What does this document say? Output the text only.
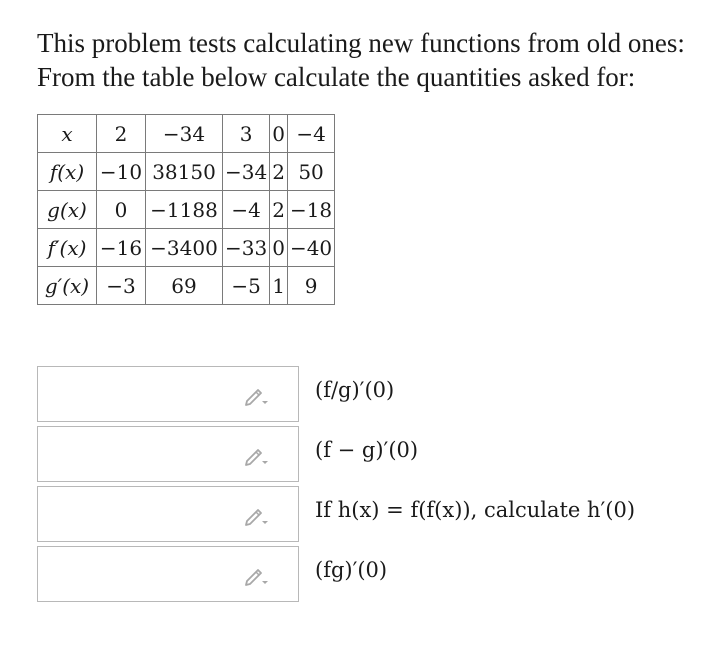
This problem tests calculating new functions from old ones:

From the table below calculate the quantities asked for:

x	2	−34	3	0	−4
f(x)	−10	38150	−34	2	50
g(x)	0	−1188	−4	2	−18
f′(x)	−16	−3400	−33	0	−40
g′(x)	−3	69	−5	1	9
(f/g)′(0)
(f − g)′(0)
If h(x) = f(f(x)), calculate h′(0)
(fg)′(0)
